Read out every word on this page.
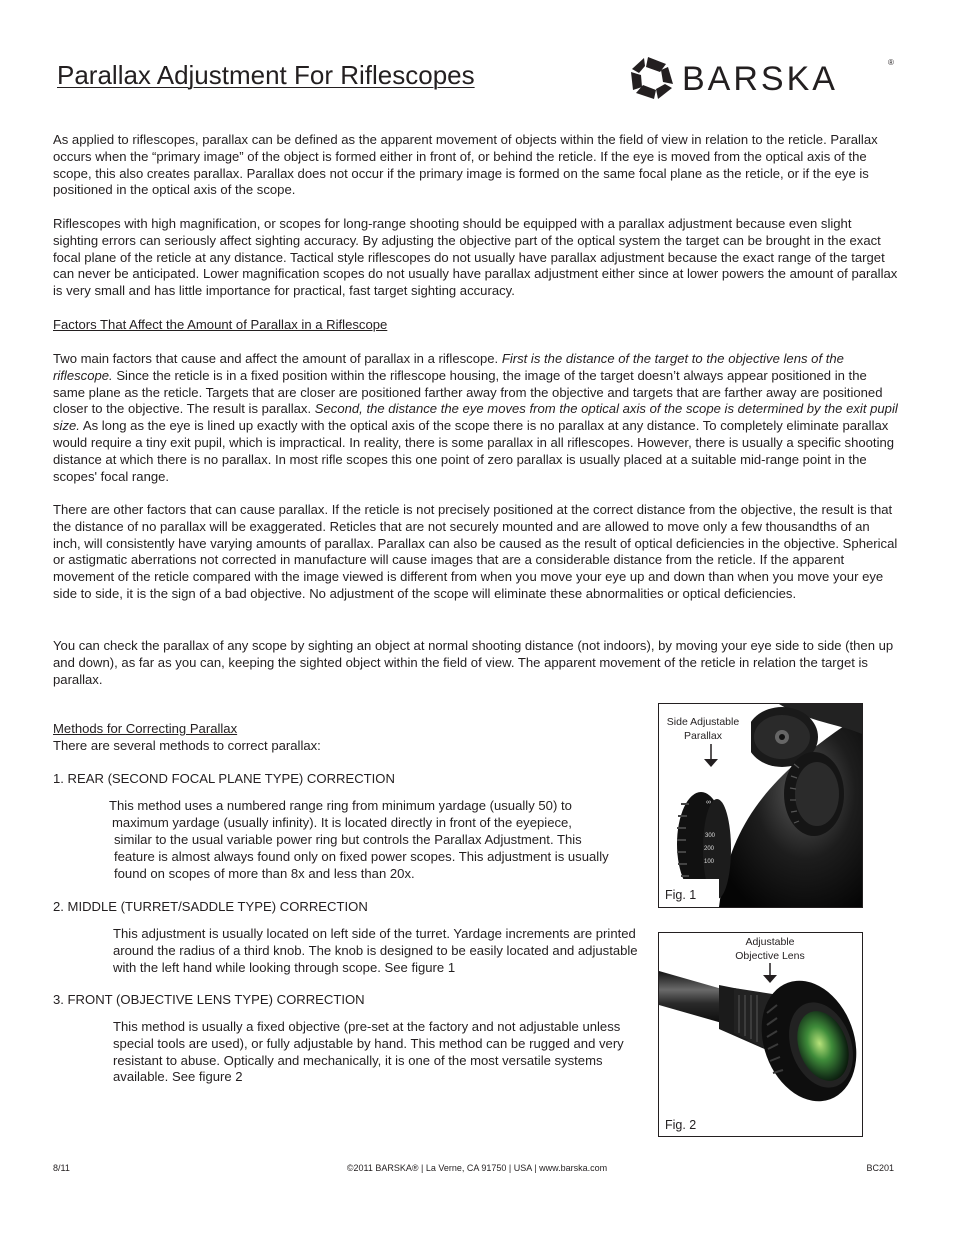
Parallax Adjustment For Riflescopes	BARSKA	®

As applied to riflescopes, parallax can be defined as the apparent movement of objects within the field of view in relation to the reticle. Parallax occurs when the “primary image” of the object is formed either in front of, or behind the reticle. If the eye is moved from the optical axis of the scope, this also creates parallax. Parallax does not occur if the primary image is formed on the same focal plane as the reticle, or if the eye is positioned in the optical axis of the scope.

Riflescopes with high magnification, or scopes for long-range shooting should be equipped with a parallax adjustment because even slight sighting errors can seriously affect sighting accuracy. By adjusting the objective part of the optical system the target can be brought in the exact focal plane of the reticle at any distance. Tactical style riflescopes do not usually have parallax adjustment because the exact range of the target can never be anticipated. Lower magnification scopes do not usually have parallax adjustment either since at lower powers the amount of parallax is very small and has little importance for practical, fast target sighting accuracy.

Factors That Affect the Amount of Parallax in a Riflescope

Two main factors that cause and affect the amount of parallax in a riflescope. First is the distance of the target to the objective lens of the riflescope. Since the reticle is in a fixed position within the riflescope housing, the image of the target doesn’t always appear positioned in the same plane as the reticle. Targets that are closer are positioned farther away from the objective and targets that are farther away are positioned closer to the objective. The result is parallax. Second, the distance the eye moves from the optical axis of the scope is determined by the exit pupil size. As long as the eye is lined up exactly with the optical axis of the scope there is no parallax at any distance. To completely eliminate parallax would require a tiny exit pupil, which is impractical. In reality, there is some parallax in all riflescopes. However, there is usually a specific shooting distance at which there is no parallax. In most rifle scopes this one point of zero parallax is usually placed at a suitable mid-range point in the scopes' focal range.

There are other factors that can cause parallax. If the reticle is not precisely positioned at the correct distance from the objective, the result is that the distance of no parallax will be exaggerated. Reticles that are not securely mounted and are allowed to move only a few thousandths of an inch, will consistently have varying amounts of parallax. Parallax can also be caused as the result of optical deficiencies in the objective. Spherical or astigmatic aberrations not corrected in manufacture will cause images that are a considerable distance from the reticle. If the apparent movement of the reticle compared with the image viewed is different from when you move your eye up and down than when you move your eye side to side, it is the sign of a bad objective. No adjustment of the scope will eliminate these abnormalities or optical deficiencies.

You can check the parallax of any scope by sighting an object at normal shooting distance (not indoors), by moving your eye side to side (then up and down), as far as you can, keeping the sighted object within the field of view. The apparent movement of the reticle in relation the target is parallax.

Methods for Correcting Parallax
There are several methods to correct parallax:
1. REAR (SECOND FOCAL PLANE TYPE) CORRECTION
This method uses a numbered range ring from minimum yardage (usually 50) to
maximum yardage (usually infinity). It is located directly in front of the eyepiece,
similar to the usual variable power ring but controls the Parallax Adjustment. This
feature is almost always found only on fixed power scopes. This adjustment is usually
found on scopes of more than 8x and less than 20x.
2. MIDDLE (TURRET/SADDLE TYPE) CORRECTION

This adjustment is usually located on left side of the turret. Yardage increments are printed around the radius of a third knob. The knob is designed to be easily located and adjustable with the left hand while looking through scope. See figure 1

3. FRONT (OBJECTIVE LENS TYPE) CORRECTION

This method is usually a fixed objective (pre-set at the factory and not adjustable unless special tools are used), or fully adjustable by hand. This method can be rugged and very resistant to abuse. Optically and mechanically, it is one of the most versatile systems available. See figure 2

300
200
100
∞
Side Adjustable
Parallax
Fig. 1
Adjustable
Objective Lens
Fig. 2
8/11	©2011 BARSKA® | La Verne, CA 91750 | USA | www.barska.com	BC201
